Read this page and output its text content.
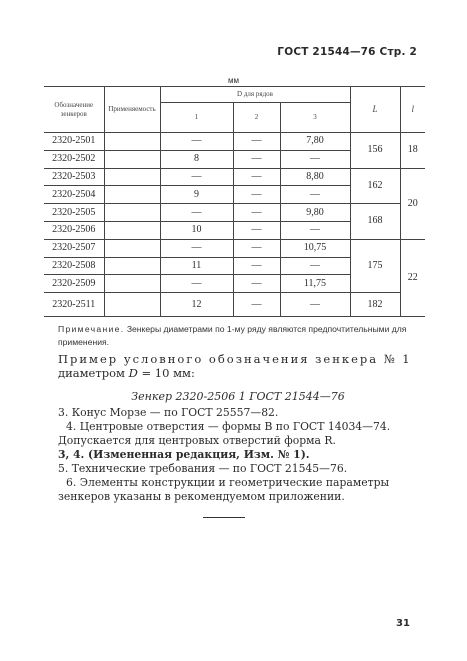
ГОСТ 21544—76 Стр. 2
мм
Обозначение зенкеров	Применяемость	D для рядов			L	l
		1	2	3		
2320-2501		—	—	7,80	156	18
2320-2502		8	—	—		
2320-2503		—	—	8,80	162	20
2320-2504		9	—	—		
2320-2505		—	—	9,80	168	
2320-2506		10	—	—		
2320-2507		—	—	10,75	175	22
2320-2508		11	—	—		
2320-2509		—	—	11,75		
2320-2511		12	—	—	182	
Примечание. Зенкеры диаметрами по 1-му ряду являются предпочтительными для применения.
Пример условного обозначения зенкера № 1
диаметром D = 10 мм:
Зенкер 2320-2506 1 ГОСТ 21544—76
3. Конус Морзе — по ГОСТ 25557—82.
4. Центровые отверстия — формы В по ГОСТ 14034—74. Допускается для центровых отверстий форма R.
3, 4. (Измененная редакция, Изм. № 1).
5. Технические требования — по ГОСТ 21545—76.
6. Элементы конструкции и геометрические параметры зенкеров указаны в рекомендуемом приложении.
31
